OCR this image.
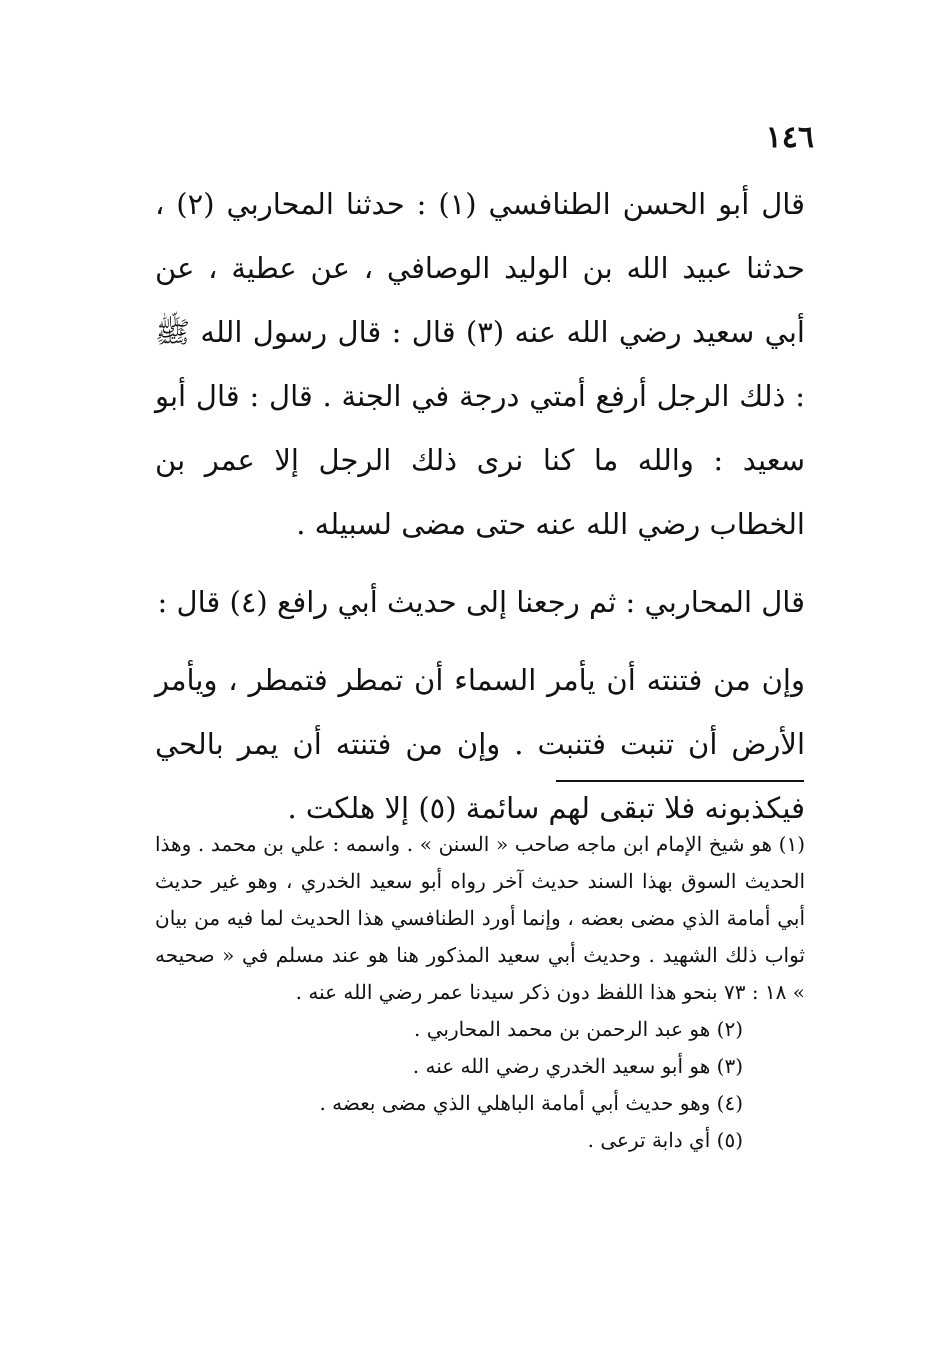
١٤٦

قال أبو الحسن الطنافسي (١) : حدثنا المحاربي (٢) ، حدثنا عبيد الله بن الوليد الوصافي ، عن عطية ، عن أبي سعيد رضي الله عنه (٣) قال : قال رسول الله ﷺ : ذلك الرجل أرفع أمتي درجة في الجنة . قال : قال أبو سعيد : والله ما كنا نرى ذلك الرجل إلا عمر بن الخطاب رضي الله عنه حتى مضى لسبيله .

قال المحاربي : ثم رجعنا إلى حديث أبي رافع (٤) قال :

وإن من فتنته أن يأمر السماء أن تمطر فتمطر ، ويأمر الأرض أن تنبت فتنبت . وإن من فتنته أن يمر بالحي فيكذبونه فلا تبقى لهم سائمة (٥) إلا هلكت .

(١) هو شيخ الإمام ابن ماجه صاحب « السنن » . واسمه : علي بن محمد . وهذا الحديث السوق بهذا السند حديث آخر رواه أبو سعيد الخدري ، وهو غير حديث أبي أمامة الذي مضى بعضه ، وإنما أورد الطنافسي هذا الحديث لما فيه من بيان ثواب ذلك الشهيد . وحديث أبي سعيد المذكور هنا هو عند مسلم في « صحيحه » ١٨ : ٧٣ بنحو هذا اللفظ دون ذكر سيدنا عمر رضي الله عنه .

(٢) هو عبد الرحمن بن محمد المحاربي .

(٣) هو أبو سعيد الخدري رضي الله عنه .

(٤) وهو حديث أبي أمامة الباهلي الذي مضى بعضه .

(٥) أي دابة ترعى .
